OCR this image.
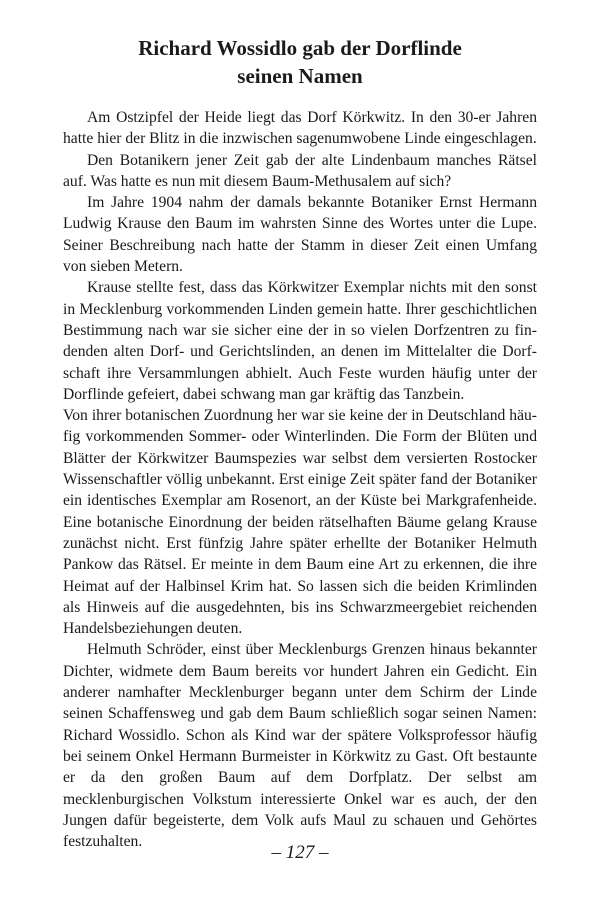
Richard Wossidlo gab der Dorflinde
seinen Namen

Am Ostzipfel der Heide liegt das Dorf Körkwitz. In den 30-er Jahren hatte hier der Blitz in die inzwischen sagenumwobene Linde eingeschlagen.

Den Botanikern jener Zeit gab der alte Lindenbaum manches Rätsel auf. Was hatte es nun mit diesem Baum-Methusalem auf sich?

Im Jahre 1904 nahm der damals bekannte Botaniker Ernst Hermann Ludwig Krause den Baum im wahrsten Sinne des Wortes unter die Lupe. Seiner Beschreibung nach hatte der Stamm in dieser Zeit einen Umfang von sieben Metern.

Krause stellte fest, dass das Körkwitzer Exemplar nichts mit den sonst in Mecklenburg vorkommenden Linden gemein hatte. Ihrer geschichtlichen Bestimmung nach war sie sicher eine der in so vielen Dorfzentren zu findenden alten Dorf- und Gerichtslinden, an denen im Mittelalter die Dorfschaft ihre Versammlungen abhielt. Auch Feste wurden häufig unter der Dorflinde gefeiert, dabei schwang man gar kräftig das Tanzbein.

Von ihrer botanischen Zuordnung her war sie keine der in Deutschland häufig vorkommenden Sommer- oder Winterlinden. Die Form der Blüten und Blätter der Körkwitzer Baumspezies war selbst dem versierten Rostocker Wissenschaftler völlig unbekannt. Erst einige Zeit später fand der Botaniker ein identisches Exemplar am Rosenort, an der Küste bei Markgrafenheide. Eine botanische Einordnung der beiden rätselhaften Bäume gelang Krause zunächst nicht. Erst fünfzig Jahre später erhellte der Botaniker Helmuth Pankow das Rätsel. Er meinte in dem Baum eine Art zu erkennen, die ihre Heimat auf der Halbinsel Krim hat. So lassen sich die beiden Krimlinden als Hinweis auf die ausgedehnten, bis ins Schwarzmeergebiet reichenden Handelsbeziehungen deuten.

Helmuth Schröder, einst über Mecklenburgs Grenzen hinaus bekannter Dichter, widmete dem Baum bereits vor hundert Jahren ein Gedicht. Ein anderer namhafter Mecklenburger begann unter dem Schirm der Linde seinen Schaffensweg und gab dem Baum schließlich sogar seinen Namen: Richard Wossidlo. Schon als Kind war der spätere Volksprofessor häufig bei seinem Onkel Hermann Burmeister in Körkwitz zu Gast. Oft bestaunte er da den großen Baum auf dem Dorfplatz. Der selbst am mecklenburgischen Volkstum interessierte Onkel war es auch, der den Jungen dafür begeisterte, dem Volk aufs Maul zu schauen und Gehörtes festzuhalten.

– 127 –
